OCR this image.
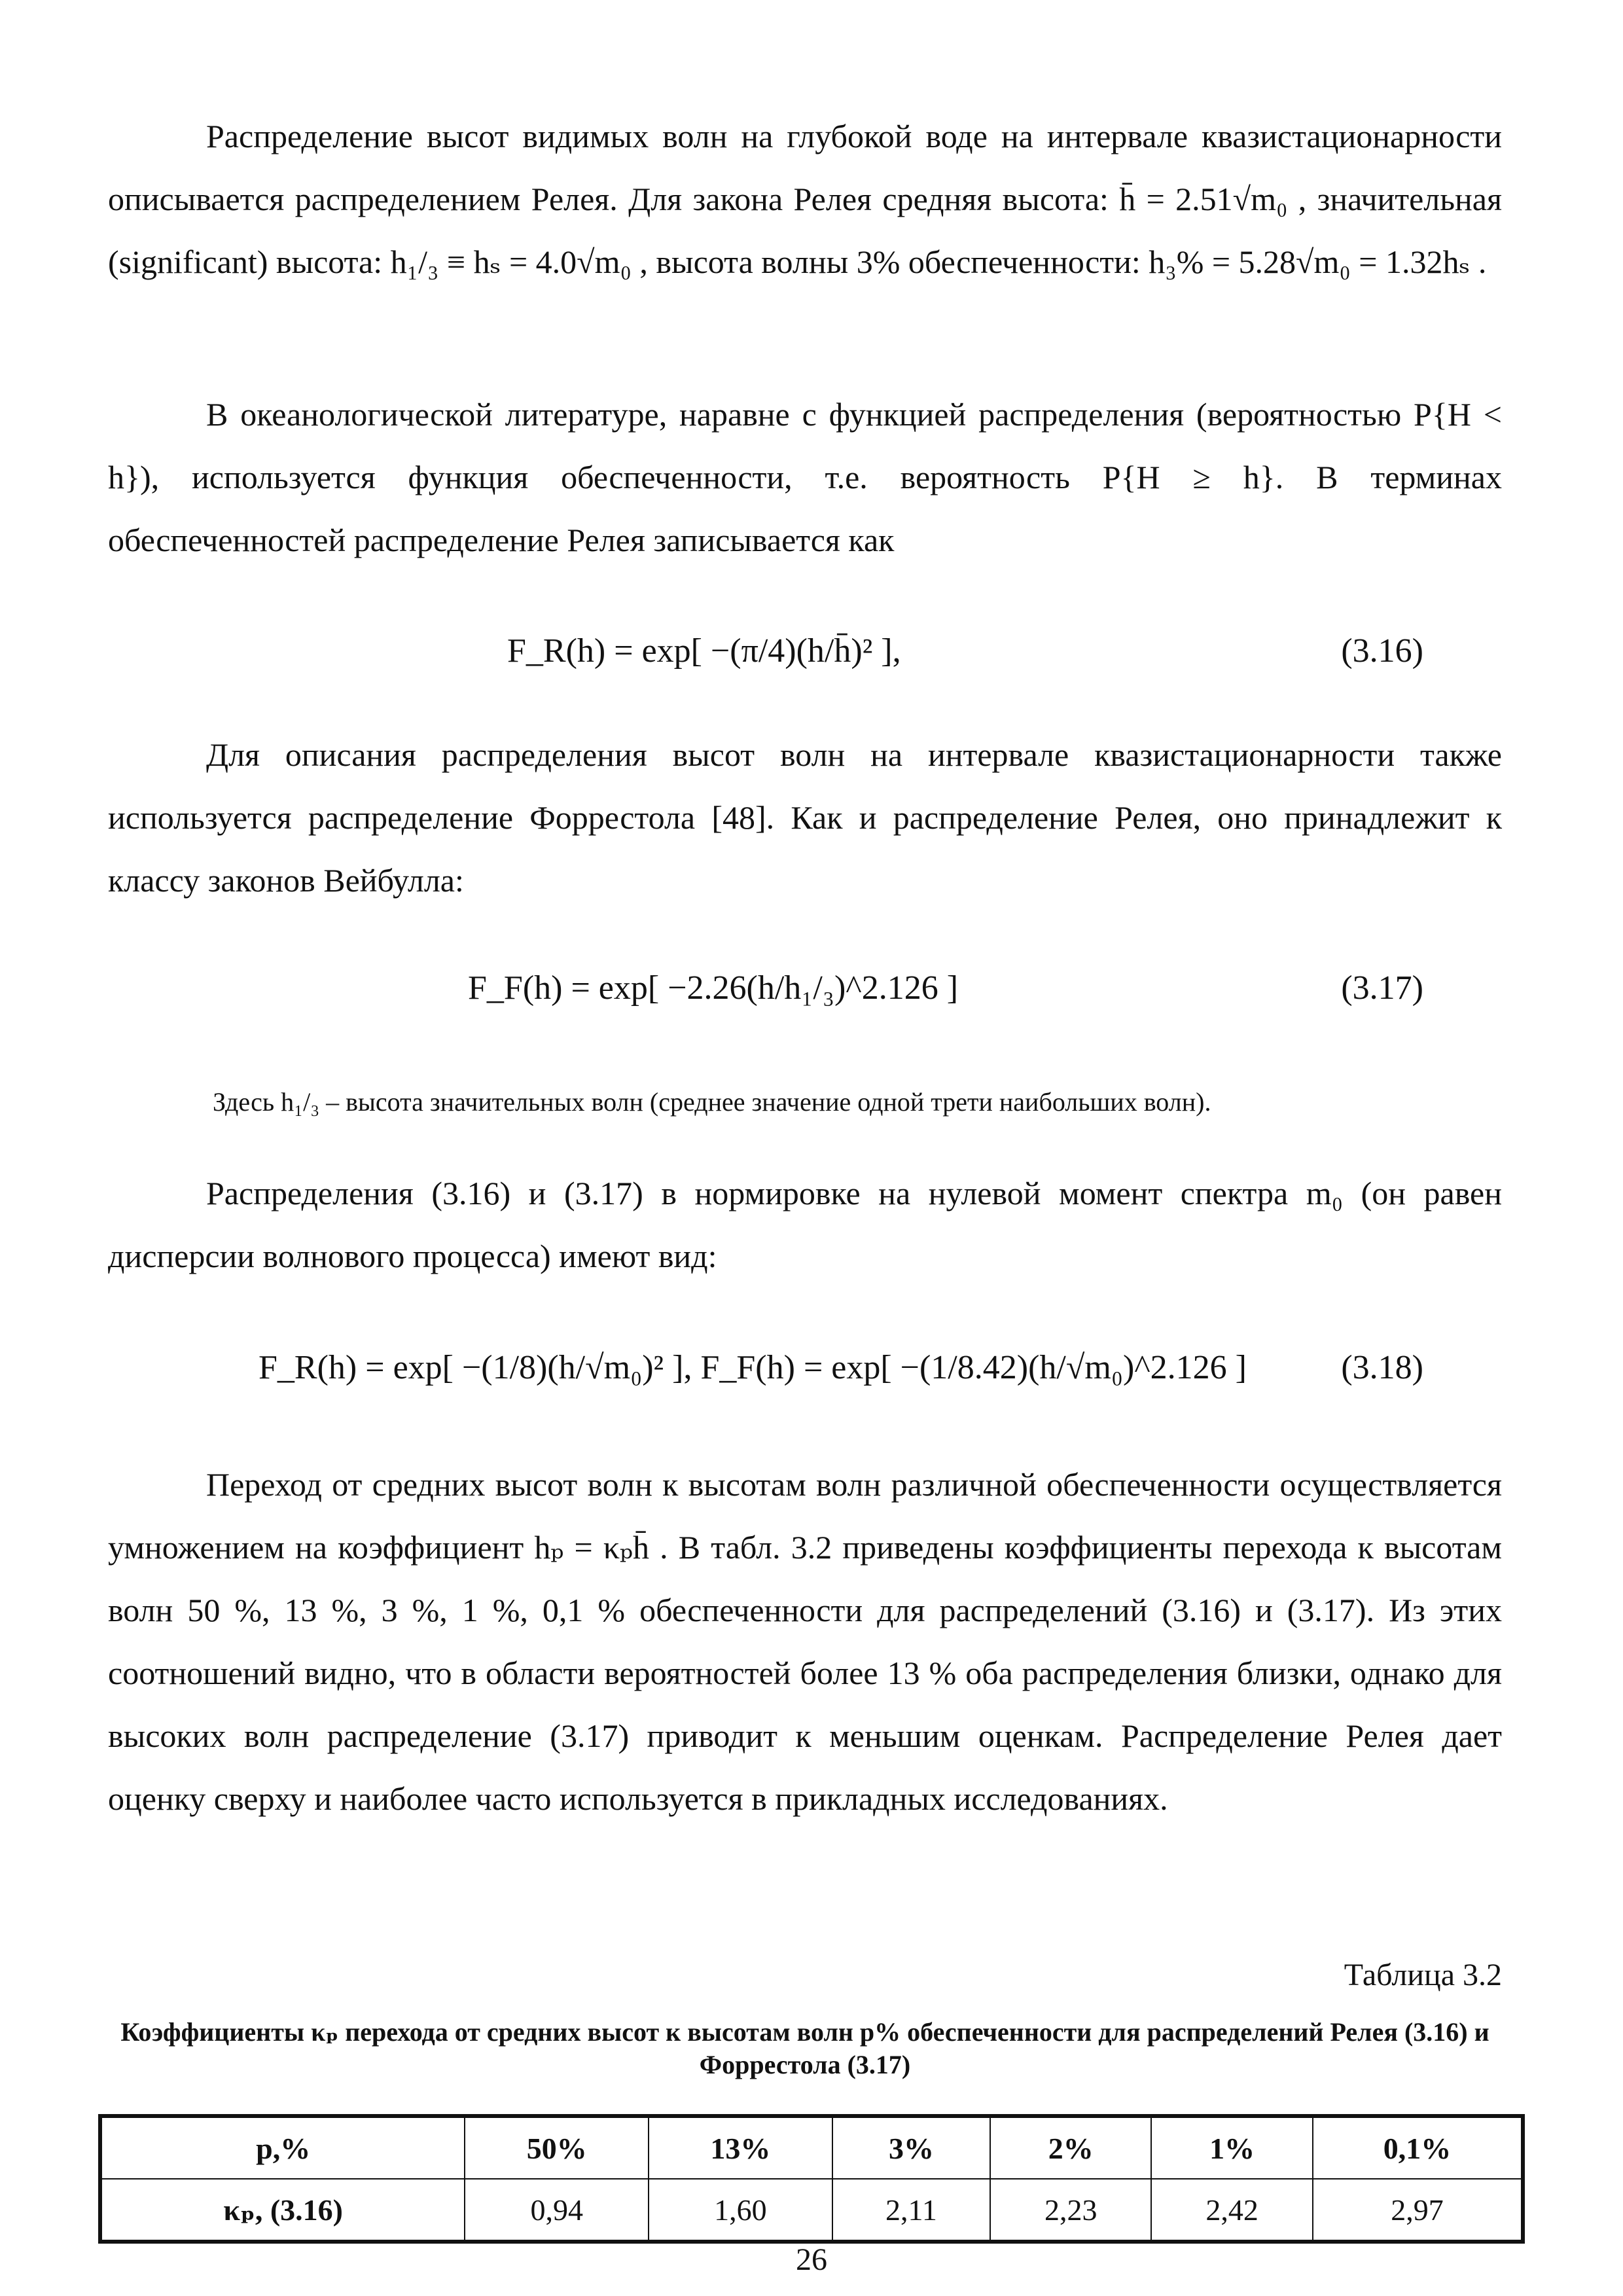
Распределение высот видимых волн на глубокой воде на интервале квазистационарности описывается распределением Релея. Для закона Релея средняя высота: h̄ = 2.51√m₀ , значительная (significant) высота: h₁/₃ ≡ hₛ = 4.0√m₀ , высота волны 3% обеспеченности: h₃% = 5.28√m₀ = 1.32hₛ .
В океанологической литературе, наравне с функцией распределения (вероятностью P{H < h}), используется функция обеспеченности, т.е. вероятность P{H ≥ h}. В терминах обеспеченностей распределение Релея записывается как
F_R(h) = exp[ −(π/4)(h/h̄)² ],	(3.16)
Для описания распределения высот волн на интервале квазистационарности также используется распределение Форрестола [48]. Как и распределение Релея, оно принадлежит к классу законов Вейбулла:
F_F(h) = exp[ −2.26(h/h₁/₃)^2.126 ]	(3.17)
Здесь h₁/₃ – высота значительных волн (среднее значение одной трети наибольших волн).
Распределения (3.16) и (3.17) в нормировке на нулевой момент спектра m₀ (он равен дисперсии волнового процесса) имеют вид:
F_R(h) = exp[ −(1/8)(h/√m₀)² ], F_F(h) = exp[ −(1/8.42)(h/√m₀)^2.126 ]	(3.18)
Переход от средних высот волн к высотам волн различной обеспеченности осуществляется умножением на коэффициент hₚ = κₚh̄ . В табл. 3.2 приведены коэффициенты перехода к высотам волн 50 %, 13 %, 3 %, 1 %, 0,1 % обеспеченности для распределений (3.16) и (3.17). Из этих соотношений видно, что в области вероятностей более 13 % оба распределения близки, однако для высоких волн распределение (3.17) приводит к меньшим оценкам. Распределение Релея дает оценку сверху и наиболее часто используется в прикладных исследованиях.
Таблица 3.2
Коэффициенты κₚ перехода от средних высот к высотам волн p% обеспеченности для распределений Релея (3.16) и Форрестола (3.17)
p,%	50%	13%	3%	2%	1%	0,1%
κₚ, (3.16)	0,94	1,60	2,11	2,23	2,42	2,97
26
